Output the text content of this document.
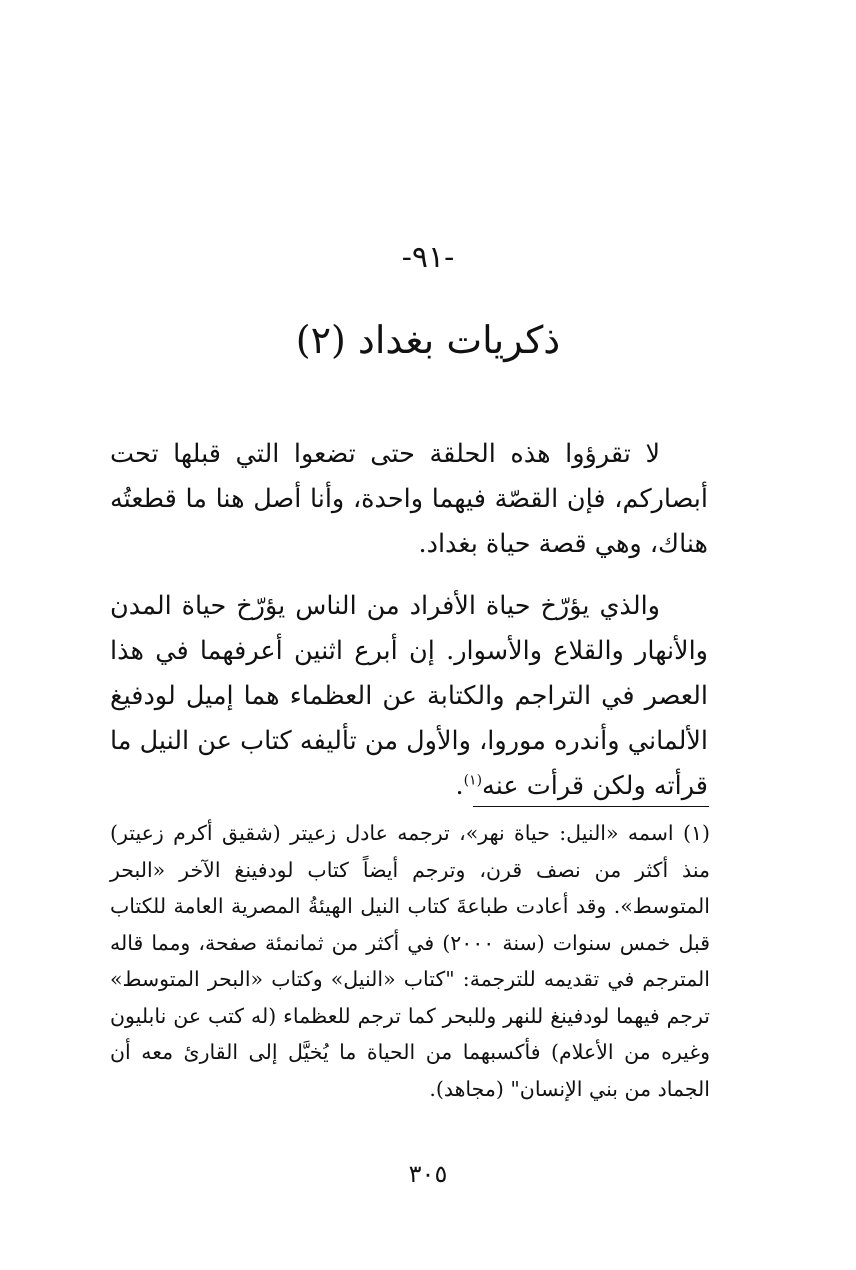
-٩١-
ذكريات بغداد (٢)

لا تقرؤوا هذه الحلقة حتى تضعوا التي قبلها تحت أبصاركم، فإن القصّة فيهما واحدة، وأنا أصل هنا ما قطعتُه هناك، وهي قصة حياة بغداد.

والذي يؤرّخ حياة الأفراد من الناس يؤرّخ حياة المدن والأنهار والقلاع والأسوار. إن أبرع اثنين أعرفهما في هذا العصر في التراجم والكتابة عن العظماء هما إميل لودفيغ الألماني وأندره موروا، والأول من تأليفه كتاب عن النيل ما قرأته ولكن قرأت عنه$^{(١)}$.

(١) اسمه «النيل: حياة نهر»، ترجمه عادل زعيتر (شقيق أكرم زعيتر) منذ أكثر من نصف قرن، وترجم أيضاً كتاب لودفينغ الآخر «البحر المتوسط». وقد أعادت طباعةَ كتاب النيل الهيئةُ المصرية العامة للكتاب قبل خمس سنوات (سنة ٢٠٠٠) في أكثر من ثمانمئة صفحة، ومما قاله المترجم في تقديمه للترجمة: "كتاب «النيل» وكتاب «البحر المتوسط» ترجم فيهما لودفينغ للنهر وللبحر كما ترجم للعظماء (له كتب عن نابليون وغيره من الأعلام) فأكسبهما من الحياة ما يُخيَّل إلى القارئ معه أن الجماد من بني الإنسان" (مجاهد).

٣٠٥
